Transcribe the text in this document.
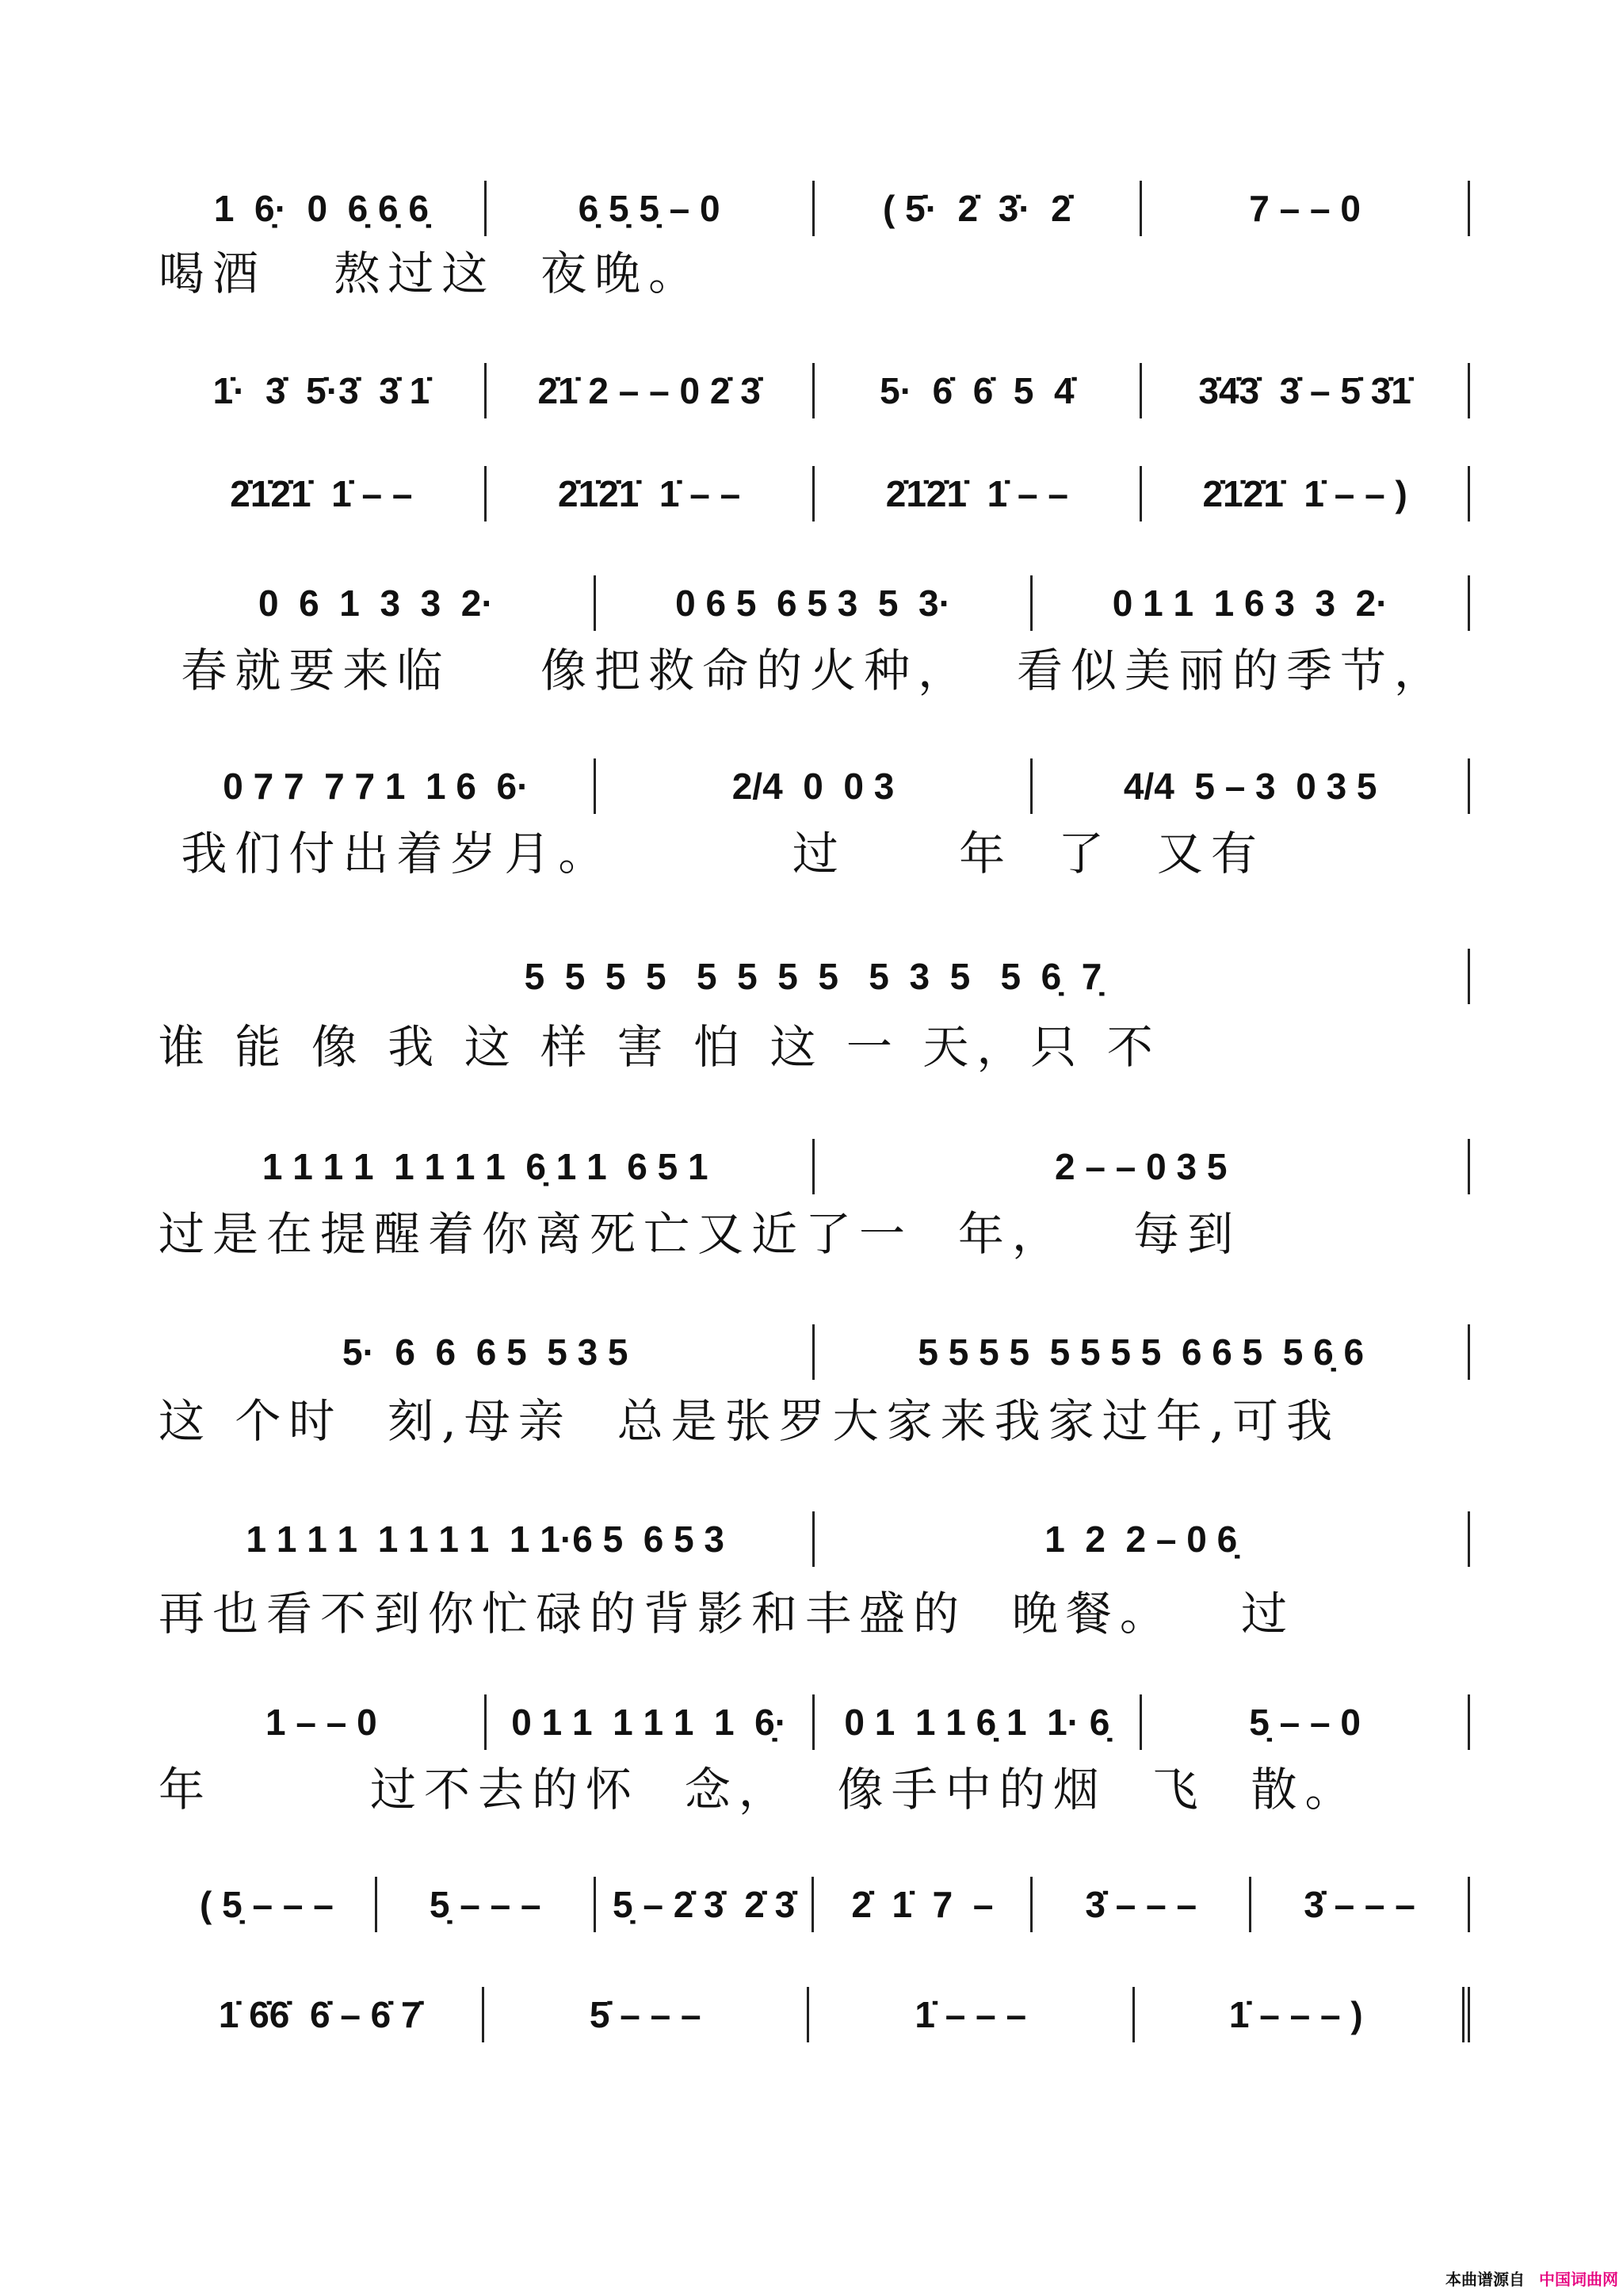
1  6̣·  0  6̣ 6̣ 6̣	6̣ 5̣ 5̣ – 0	( 5̇·  2̇  3̇·  2̇	7 – – 0
喝酒   熬过这  夜晚。
1̇·  3̇  5̇·3̇  3̇ 1̇	2̇1̇ 2 – – 0 2̇ 3̇	5·  6̇  6̇  5  4̇	3̇4̇3̇  3̇ – 5̇ 3̇1̇
2̇1̇2̇1̇  1̇ – –	2̇1̇2̇1̇  1̇ – –	2̇1̇2̇1̇  1̇ – –	2̇1̇2̇1̇  1̇ – – )
0  6  1  3  3  2·	0 6 5  6 5 3  5  3·	0 1 1  1 6 3  3  2·
春就要来临    像把救命的火种，  看似美丽的季节，
0 7 7  7 7 1  1 6  6·	2/4  0  0 3	4/4  5 – 3  0 3 5
我们付出着岁月。        过     年  了  又有
5  5  5  5   5  5  5  5   5  3  5   5  6̣  7̣
谁 能 像 我 这 样 害 怕 这 一 天，只 不
1 1 1 1  1 1 1 1  6̣ 1 1  6 5 1	2 – – 0 3 5
过是在提醒着你离死亡又近了一  年，   每到
5·  6  6  6 5  5 3 5	5 5 5 5  5 5 5 5  6 6 5  5 6̣ 6
这 个时  刻,母亲  总是张罗大家来我家过年,可我
1 1 1 1  1 1 1 1  1 1·6 5  6 5 3	1  2  2 – 0 6̣
再也看不到你忙碌的背影和丰盛的  晚餐。   过
1 – – 0	0 1 1  1 1 1  1  6̣·	0 1  1 1 6̣ 1  1· 6̣	5̣ – – 0
年       过不去的怀  念，  像手中的烟  飞  散。
( 5̣ – – –	5̣ – – –	5̣ – 2̇ 3̇  2̇ 3̇	2̇  1̇  7  –	3̇ – – –	3̇ – – –
1̇ 6̇6̇  6̇ – 6̇ 7̇	5̇ – – –	1̇ – – –	1̇ – – – )
本曲谱源自 中国词曲网
